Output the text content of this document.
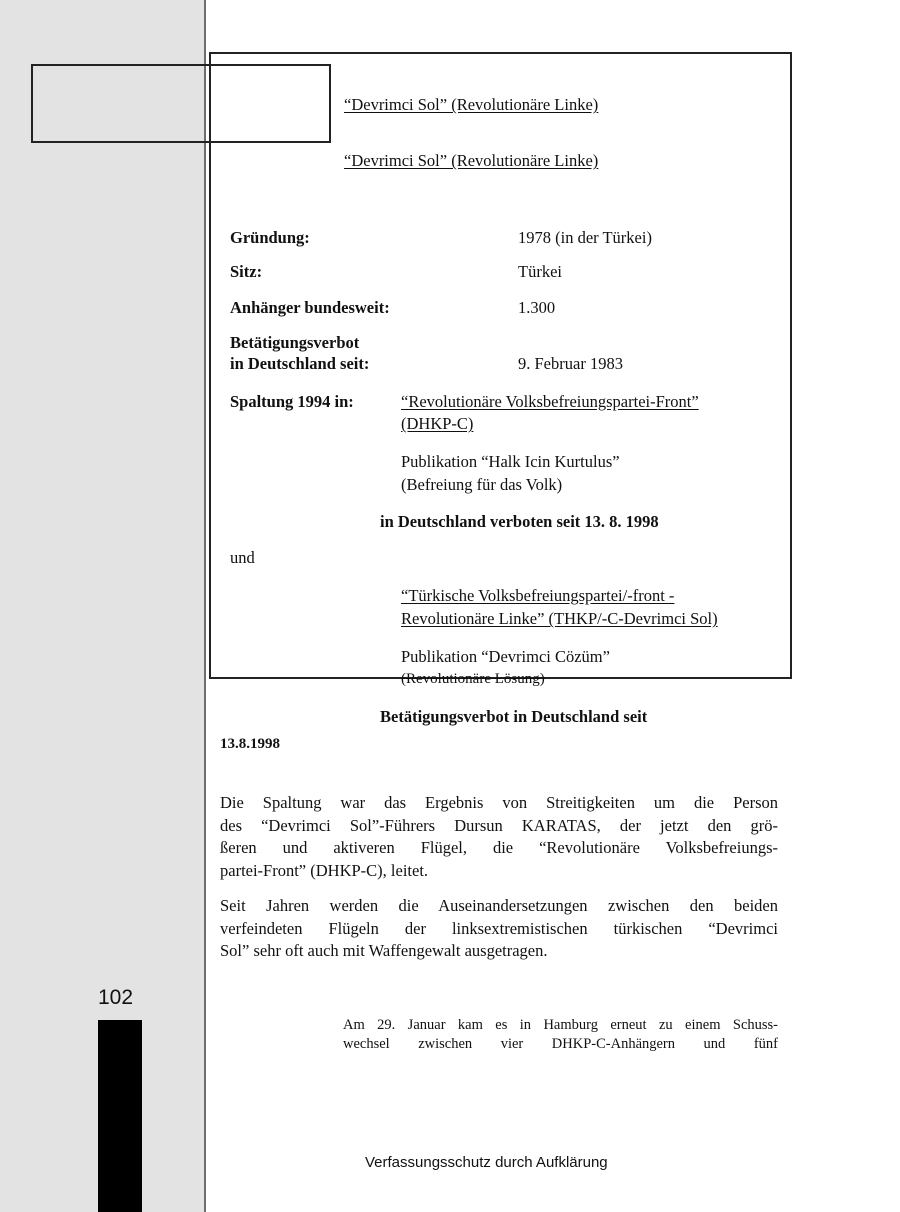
102
“Devrimci Sol” (Revolutionäre Linke)
“Devrimci Sol” (Revolutionäre Linke)
Gründung:	1978 (in der Türkei)
Sitz:	Türkei
Anhänger bundesweit:	1.300
Betätigungsverbot
in Deutschland seit:	9. Februar 1983
Spaltung 1994 in:	“Revolutionäre Volksbefreiungspartei-Front”
(DHKP-C)
Publikation “Halk Icin Kurtulus”
(Befreiung für das Volk)
in Deutschland verboten seit 13. 8. 1998
und
“Türkische Volksbefreiungspartei/-front -
Revolutionäre Linke” (THKP/-C-Devrimci Sol)
Publikation “Devrimci Cözüm”
(Revolutionäre Lösung)
Betätigungsverbot in Deutschland seit
13.8.1998
Die Spaltung war das Ergebnis von Streitigkeiten um die Person
des “Devrimci Sol”-Führers Dursun KARATAS, der jetzt den grö-
ßeren und aktiveren Flügel, die “Revolutionäre Volksbefreiungs-
partei-Front” (DHKP-C), leitet.
Seit Jahren werden die Auseinandersetzungen zwischen den beiden
verfeindeten Flügeln der linksextremistischen türkischen “Devrimci
Sol” sehr oft auch mit Waffengewalt ausgetragen.
Am 29. Januar kam es in Hamburg erneut zu einem Schuss-
wechsel zwischen vier DHKP-C-Anhängern und fünf
Verfassungsschutz durch Aufklärung
